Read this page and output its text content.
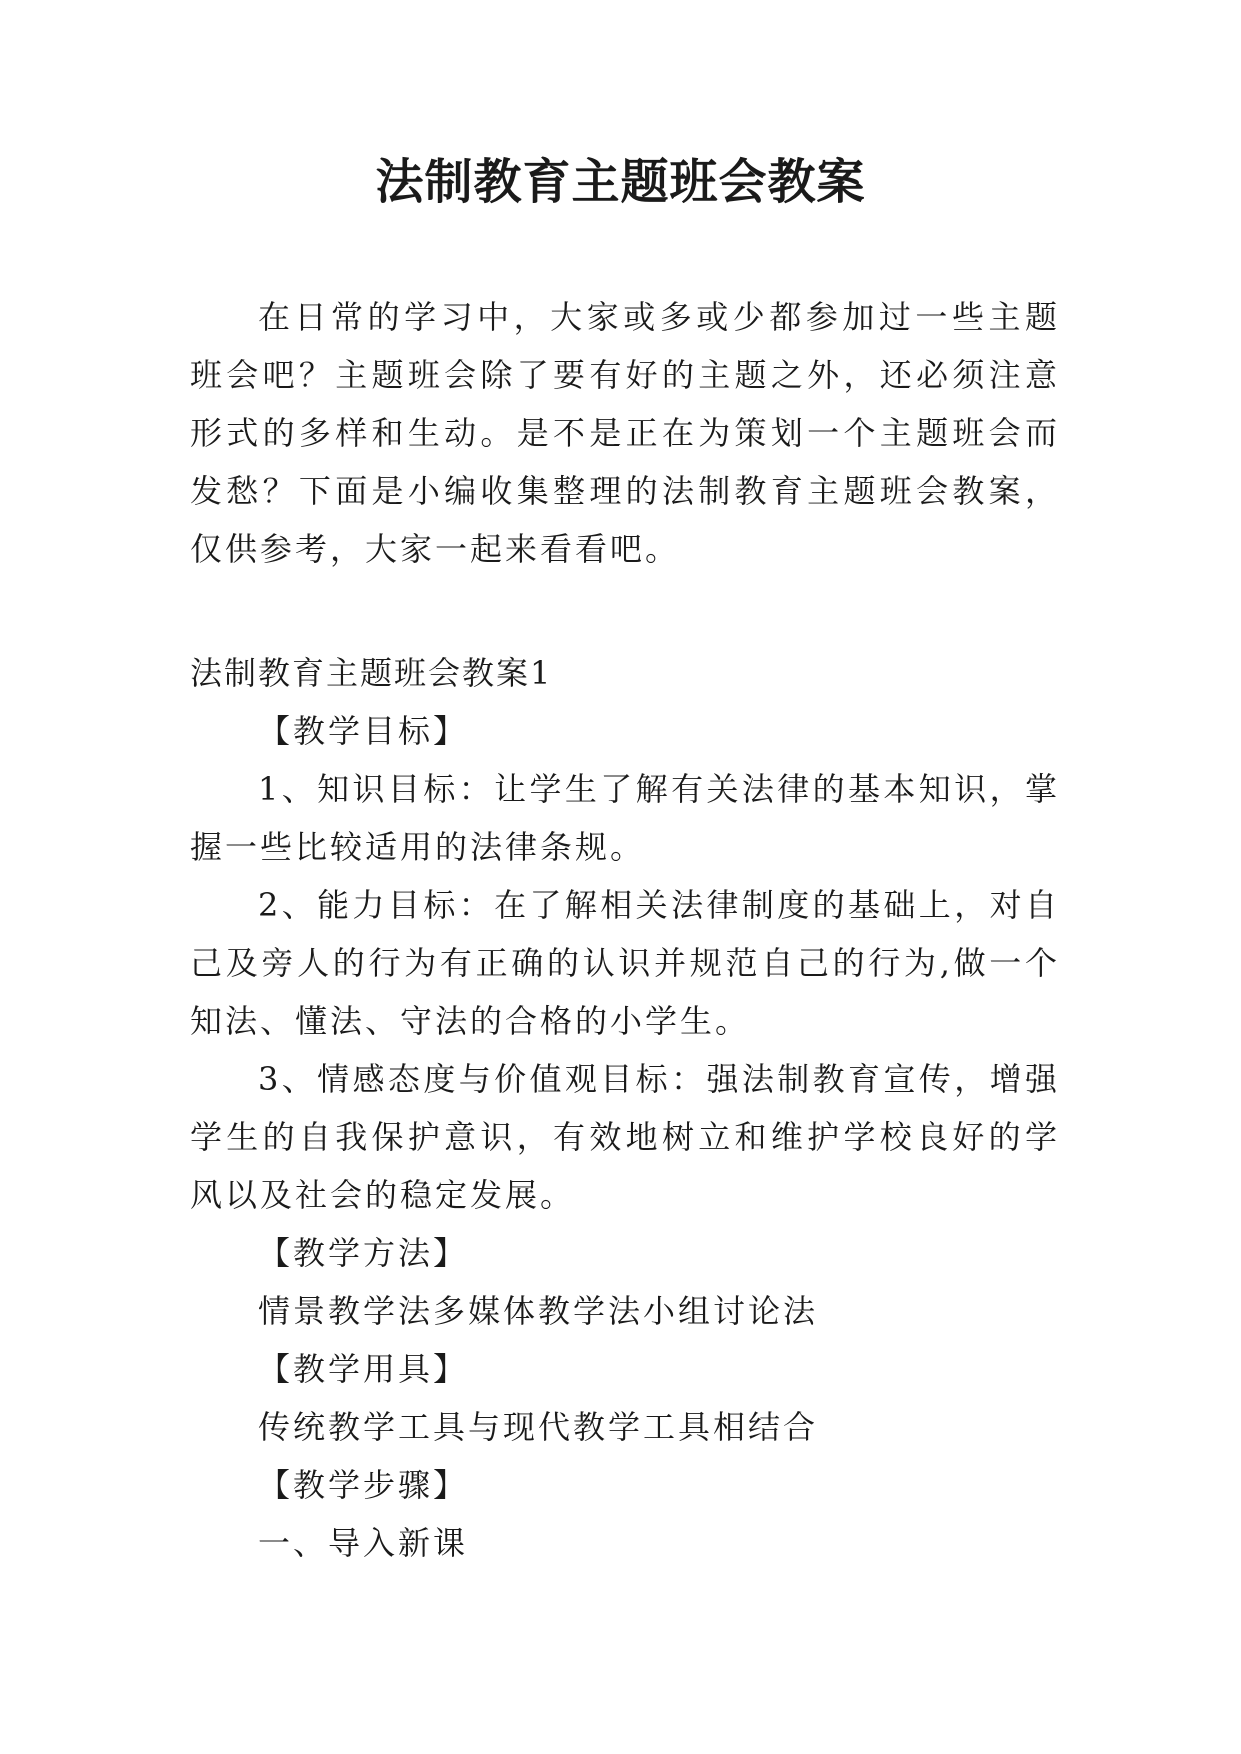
法制教育主题班会教案

在日常的学习中，大家或多或少都参加过一些主题班会吧？主题班会除了要有好的主题之外，还必须注意形式的多样和生动。是不是正在为策划一个主题班会而发愁？下面是小编收集整理的法制教育主题班会教案，仅供参考，大家一起来看看吧。

法制教育主题班会教案1

【教学目标】

1、知识目标：让学生了解有关法律的基本知识，掌握一些比较适用的法律条规。

2、能力目标：在了解相关法律制度的基础上，对自己及旁人的行为有正确的认识并规范自己的行为,做一个知法、懂法、守法的合格的小学生。

3、情感态度与价值观目标：强法制教育宣传，增强学生的自我保护意识，有效地树立和维护学校良好的学风以及社会的稳定发展。

【教学方法】

情景教学法多媒体教学法小组讨论法

【教学用具】

传统教学工具与现代教学工具相结合

【教学步骤】

一、导入新课
